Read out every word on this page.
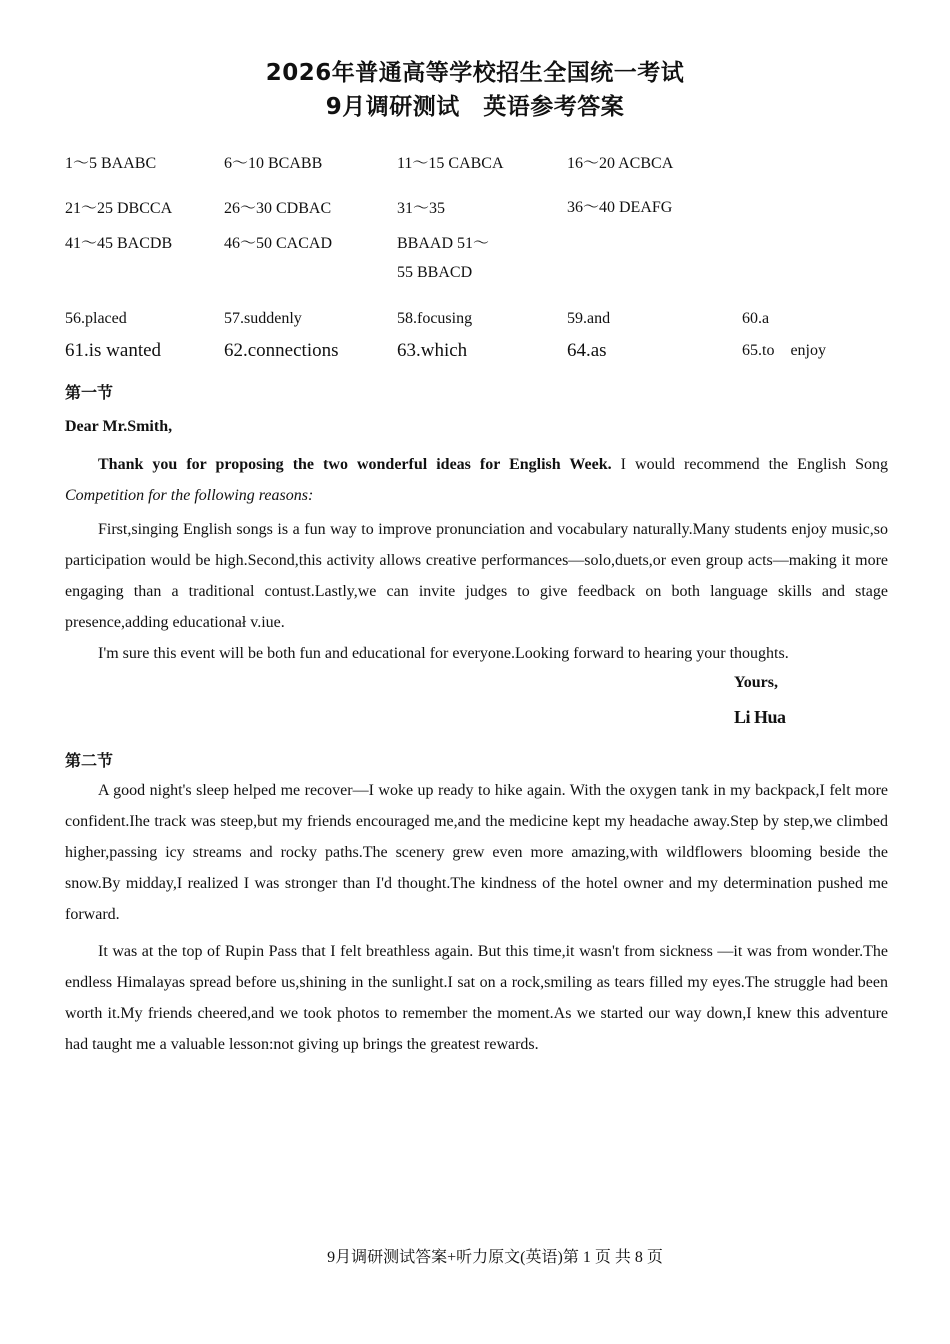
2026年普通高等学校招生全国统一考试
9月调研测试　英语参考答案
1～5 BAABC	6～10 BCABB	11～15 CABCA	16～20 ACBCA
21～25 DBCCA	26～30 CDBAC	31～35	36～40 DEAFG
41～45 BACDB	46～50 CACAD	BBAAD 51～
55 BBACD
56.placed	57.suddenly	58.focusing	59.and	60.a
61.is wanted	62.connections	63.which	64.as	65.to    enjoy
第一节
Dear Mr.Smith,
Thank you for proposing the two wonderful ideas for English Week. I would recommend the English Song Competition for the following reasons:
First,singing English songs is a fun way to improve pronunciation and vocabulary naturally.Many students enjoy music,so participation would be high.Second,this activity allows creative performances—solo,duets,or even group acts—making it more engaging than a traditional contust.Lastly,we can invite judges to give feedback on both language skills and stage presence,adding educationał v.iue.
I'm sure this event will be both fun and educational for everyone.Looking forward to hearing your thoughts.
Yours,
Li Hua
第二节
A good night's sleep helped me recover—I woke up ready to hike again. With the oxygen tank in my backpack,I felt more confident.Ihe track was steep,but my friends encouraged me,and the medicine kept my headache away.Step by step,we climbed higher,passing icy streams and rocky paths.The scenery grew even more amazing,with wildflowers blooming beside the snow.By midday,I realized I was stronger than I'd thought.The kindness of the hotel owner and my determination pushed me forward.
It was at the top of Rupin Pass that I felt breathless again. But this time,it wasn't from sickness —it was from wonder.The endless Himalayas spread before us,shining in the sunlight.I sat on a rock,smiling as tears filled my eyes.The struggle had been worth it.My friends cheered,and we took photos to remember the moment.As we started our way down,I knew this adventure had taught me a valuable lesson:not giving up brings the greatest rewards.
9月调研测试答案+听力原文(英语)第 1 页 共 8 页
